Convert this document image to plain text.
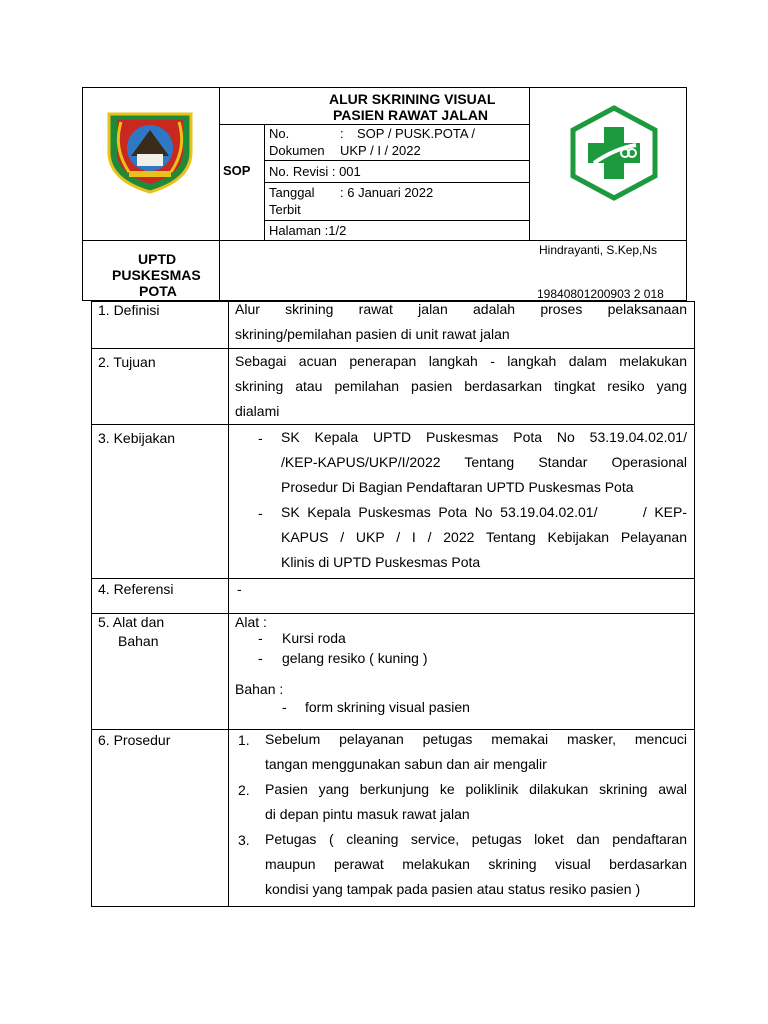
ALUR SKRINING VISUAL
PASIEN RAWAT JALAN
SOP
No.	: SOP / PUSK.POTA /
Dokumen UKP / I / 2022
No. Revisi : 001
Tanggal : 6 Januari 2022
Terbit
Halaman :1/2
UPTD
PUSKESMAS
POTA
Hindrayanti, S.Kep,Ns
19840801200903 2 018
1. Definisi	Alur skrining rawat jalan adalah proses pelaksanaan
skrining/pemilahan pasien di unit rawat jalan
2. Tujuan	Sebagai acuan penerapan langkah - langkah dalam melakukan
skrining atau pemilahan pasien berdasarkan tingkat resiko yang
dialami
3. Kebijakan	- SK Kepala UPTD Puskesmas Pota No 53.19.04.02.01/
/KEP-KAPUS/UKP/I/2022 Tentang Standar Operasional
Prosedur Di Bagian Pendaftaran UPTD Puskesmas Pota
- SK Kepala Puskesmas Pota No 53.19.04.02.01/      / KEP-
KAPUS / UKP / I / 2022 Tentang Kebijakan Pelayanan
Klinis di UPTD Puskesmas Pota
4. Referensi	-
5. Alat dan
Bahan
Alat :
- Kursi roda
- gelang resiko ( kuning )
Bahan :
- form skrining visual pasien
6. Prosedur	1. Sebelum pelayanan petugas memakai masker, mencuci
tangan menggunakan sabun dan air mengalir
2. Pasien yang berkunjung ke poliklinik dilakukan skrining awal
di depan pintu masuk rawat jalan
3. Petugas ( cleaning service, petugas loket dan pendaftaran
maupun perawat melakukan skrining visual berdasarkan
kondisi yang tampak pada pasien atau status resiko pasien )
